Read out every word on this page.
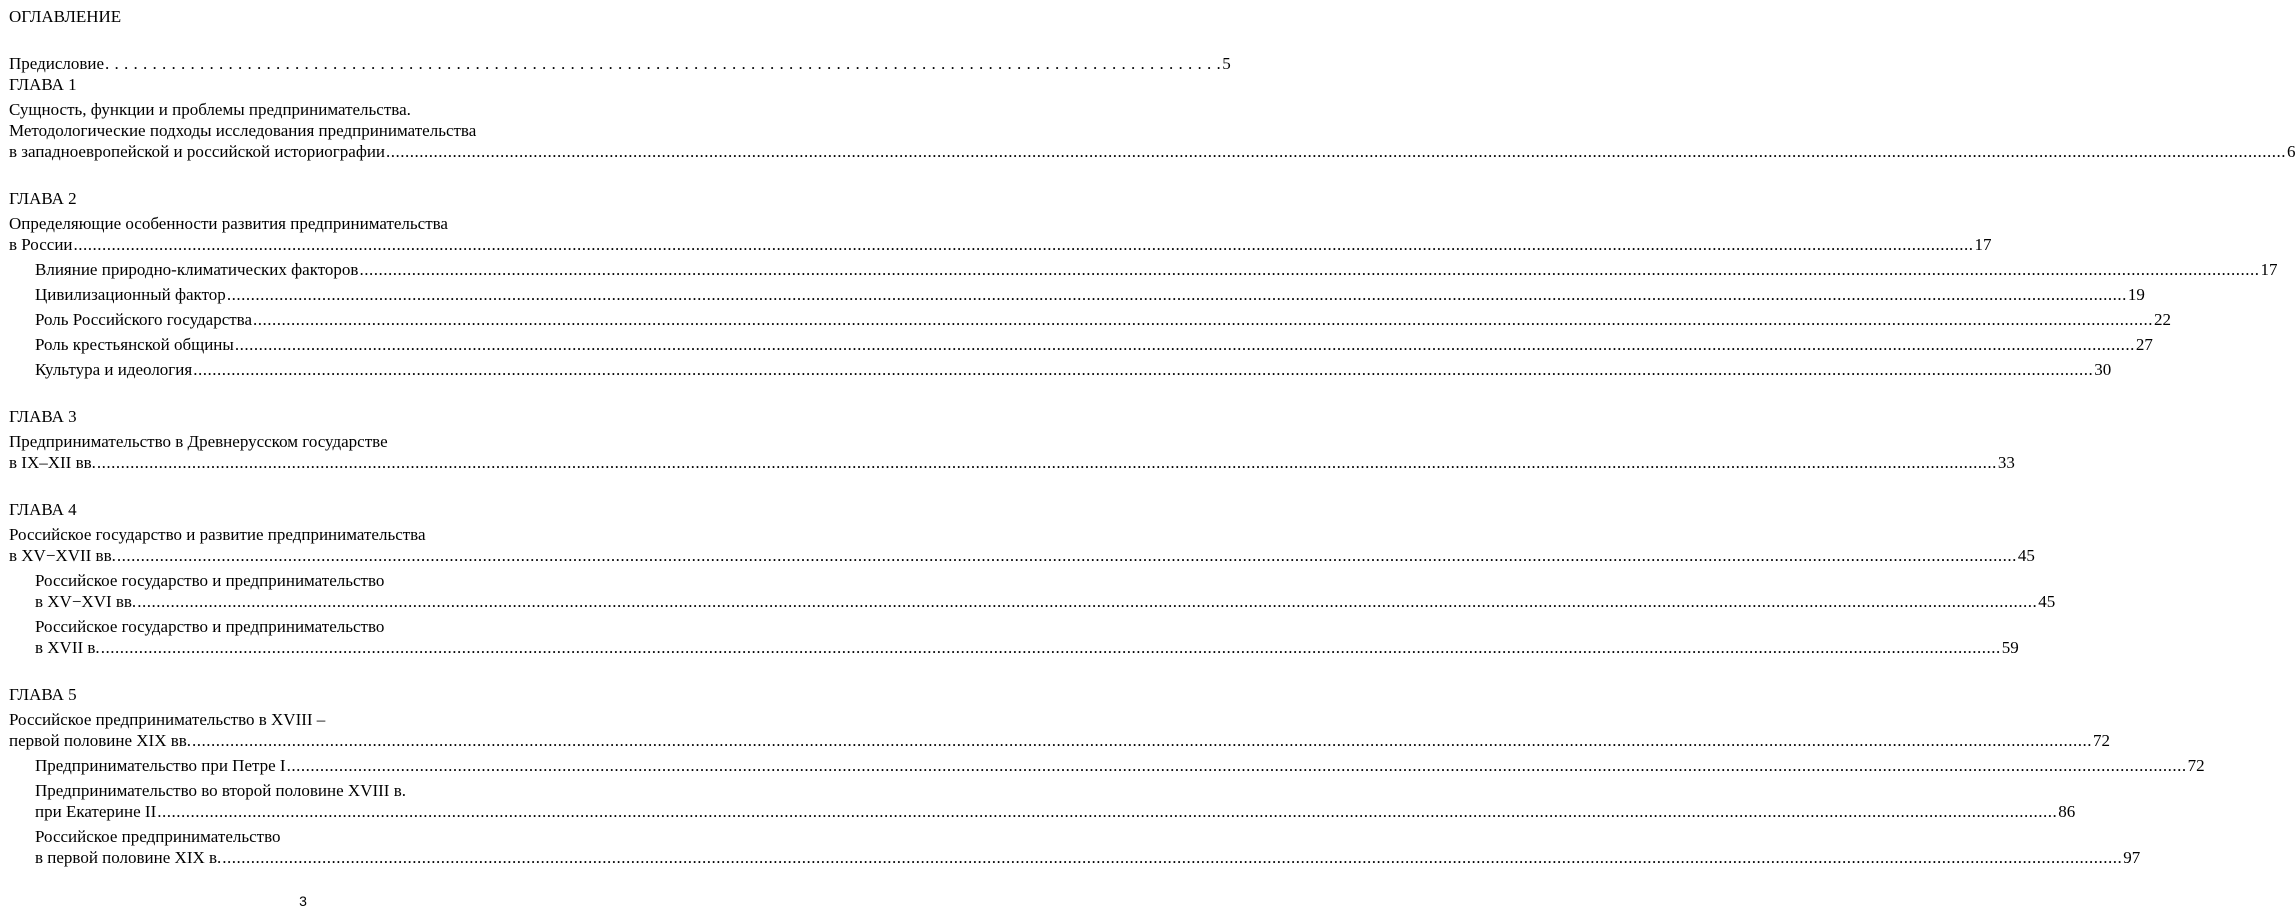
ОГЛАВЛЕНИЕ
Предисловие . . . . . . . . . . . . . . . . . . . . . . . . . . . . . . . . . . . . . . . . . . . . . . . . . . . . . . . . . . . . . . . . . . . . . . . . . . . . . . . . . . . . . . . . . . . . . . . . . . . . . . . . . . . . . . . . . . . . . . 5
ГЛАВА 1
Сущность, функции и проблемы предпринимательства.
Методологические подходы исследования предпринимательства
в западноевропейской и российской историографии ................................................................................................................................................................................................................................................................................................................................................................................................................ 6
ГЛАВА 2
Определяющие особенности развития предпринимательства
в России ................................................................................................................................................................................................................................................................................................................................................................................................................ 17
Влияние природно-климатических факторов ................................................................................................................................................................................................................................................................................................................................................................................................................ 17
Цивилизационный фактор ................................................................................................................................................................................................................................................................................................................................................................................................................ 19
Роль Российского государства ................................................................................................................................................................................................................................................................................................................................................................................................................ 22
Роль крестьянской общины ................................................................................................................................................................................................................................................................................................................................................................................................................ 27
Культура и идеология ................................................................................................................................................................................................................................................................................................................................................................................................................ 30
ГЛАВА 3
Предпринимательство в Древнерусском государстве
в IX–XII вв. ................................................................................................................................................................................................................................................................................................................................................................................................................ 33
ГЛАВА 4
Российское государство и развитие предпринимательства
в XV−XVII вв. ................................................................................................................................................................................................................................................................................................................................................................................................................ 45
Российское государство и предпринимательство
в XV−XVI вв. ................................................................................................................................................................................................................................................................................................................................................................................................................ 45
Российское государство и предпринимательство
в XVII в. ................................................................................................................................................................................................................................................................................................................................................................................................................ 59
ГЛАВА 5
Российское предпринимательство в XVIII –
первой половине XIX вв. ................................................................................................................................................................................................................................................................................................................................................................................................................ 72
Предпринимательство при Петре I ................................................................................................................................................................................................................................................................................................................................................................................................................ 72
Предпринимательство во второй половине XVIII в.
при Екатерине II ................................................................................................................................................................................................................................................................................................................................................................................................................ 86
Российское предпринимательство
в первой половине XIX в. ................................................................................................................................................................................................................................................................................................................................................................................................................ 97
3
